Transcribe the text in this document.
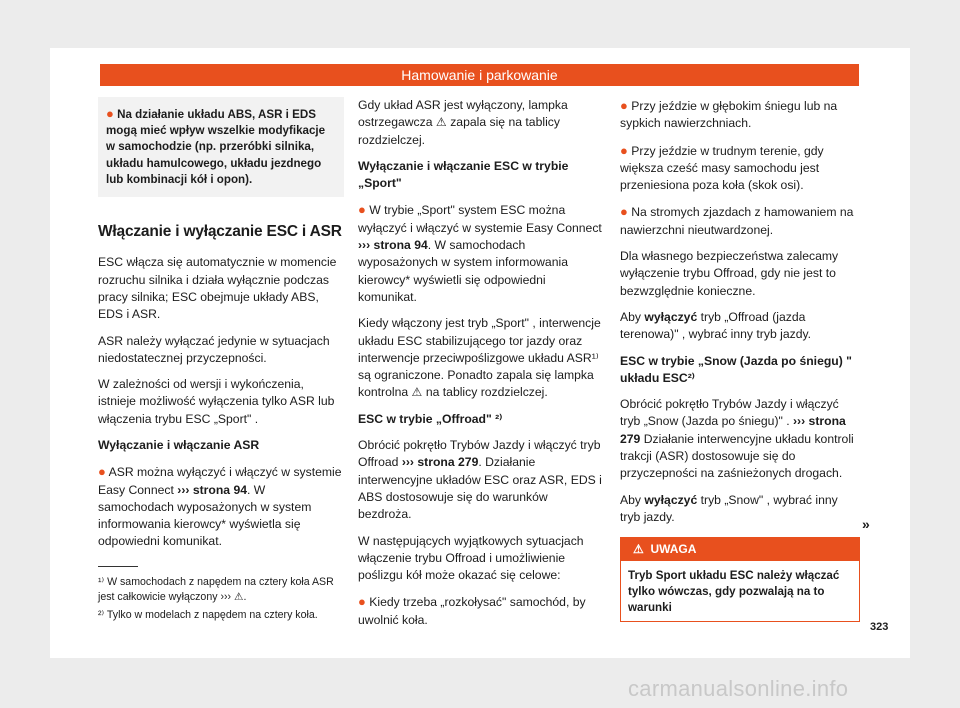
Hamowanie i parkowanie

● Na działanie układu ABS, ASR i EDS mogą mieć wpływ wszelkie modyfikacje w samochodzie (np. przeróbki silnika, układu hamulcowego, układu jezdnego lub kombinacji kół i opon).

Włączanie i wyłączanie ESC i ASR

ESC włącza się automatycznie w momencie rozruchu silnika i działa wyłącznie podczas pracy silnika; ESC obejmuje układy ABS, EDS i ASR.

ASR należy wyłączać jedynie w sytuacjach niedostatecznej przyczepności.

W zależności od wersji i wykończenia, istnieje możliwość wyłączenia tylko ASR lub włączenia trybu ESC „Sport" .

Wyłączanie i włączanie ASR

● ASR można wyłączyć i włączyć w systemie Easy Connect ››› strona 94. W samochodach wyposażonych w system informowania kierowcy* wyświetla się odpowiedni komunikat.

Gdy układ ASR jest wyłączony, lampka ostrzegawcza ⚠ zapala się na tablicy rozdzielczej.

Wyłączanie i włączanie ESC w trybie „Sport"

● W trybie „Sport" system ESC można wyłączyć i włączyć w systemie Easy Connect ››› strona 94. W samochodach wyposażonych w system informowania kierowcy* wyświetli się odpowiedni komunikat.

Kiedy włączony jest tryb „Sport" , interwencje układu ESC stabilizującego tor jazdy oraz interwencje przeciwpoślizgowe układu ASR¹⁾ są ograniczone. Ponadto zapala się lampka kontrolna ⚠ na tablicy rozdzielczej.

ESC w trybie „Offroad" ²⁾

Obrócić pokrętło Trybów Jazdy i włączyć tryb Offroad ››› strona 279. Działanie interwencyjne układów ESC oraz ASR, EDS i ABS dostosowuje się do warunków bezdroża.

W następujących wyjątkowych sytuacjach włączenie trybu Offroad i umożliwienie poślizgu kół może okazać się celowe:

● Kiedy trzeba „rozkołysać" samochód, by uwolnić koła.

● Przy jeździe w głębokim śniegu lub na sypkich nawierzchniach.

● Przy jeździe w trudnym terenie, gdy większa cześć masy samochodu jest przeniesiona poza koła (skok osi).

● Na stromych zjazdach z hamowaniem na nawierzchni nieutwardzonej.

Dla własnego bezpieczeństwa zalecamy wyłączenie trybu Offroad, gdy nie jest to bezwzględnie konieczne.

Aby wyłączyć tryb „Offroad (jazda terenowa)" , wybrać inny tryb jazdy.

ESC w trybie „Snow (Jazda po śniegu) " układu ESC²⁾

Obrócić pokrętło Trybów Jazdy i włączyć tryb „Snow (Jazda po śniegu)" . ››› strona 279 Działanie interwencyjne układu kontroli trakcji (ASR) dostosowuje się do przyczepności na zaśnieżonych drogach.

Aby wyłączyć tryb „Snow" , wybrać inny tryb jazdy.

⚠ UWAGA
Tryb Sport układu ESC należy włączać tylko wówczas, gdy pozwalają na to warunki
»
¹⁾ W samochodach z napędem na cztery koła ASR jest całkowicie wyłączony ››› ⚠.
²⁾ Tylko w modelach z napędem na cztery koła.
323
carmanualsonline.info
